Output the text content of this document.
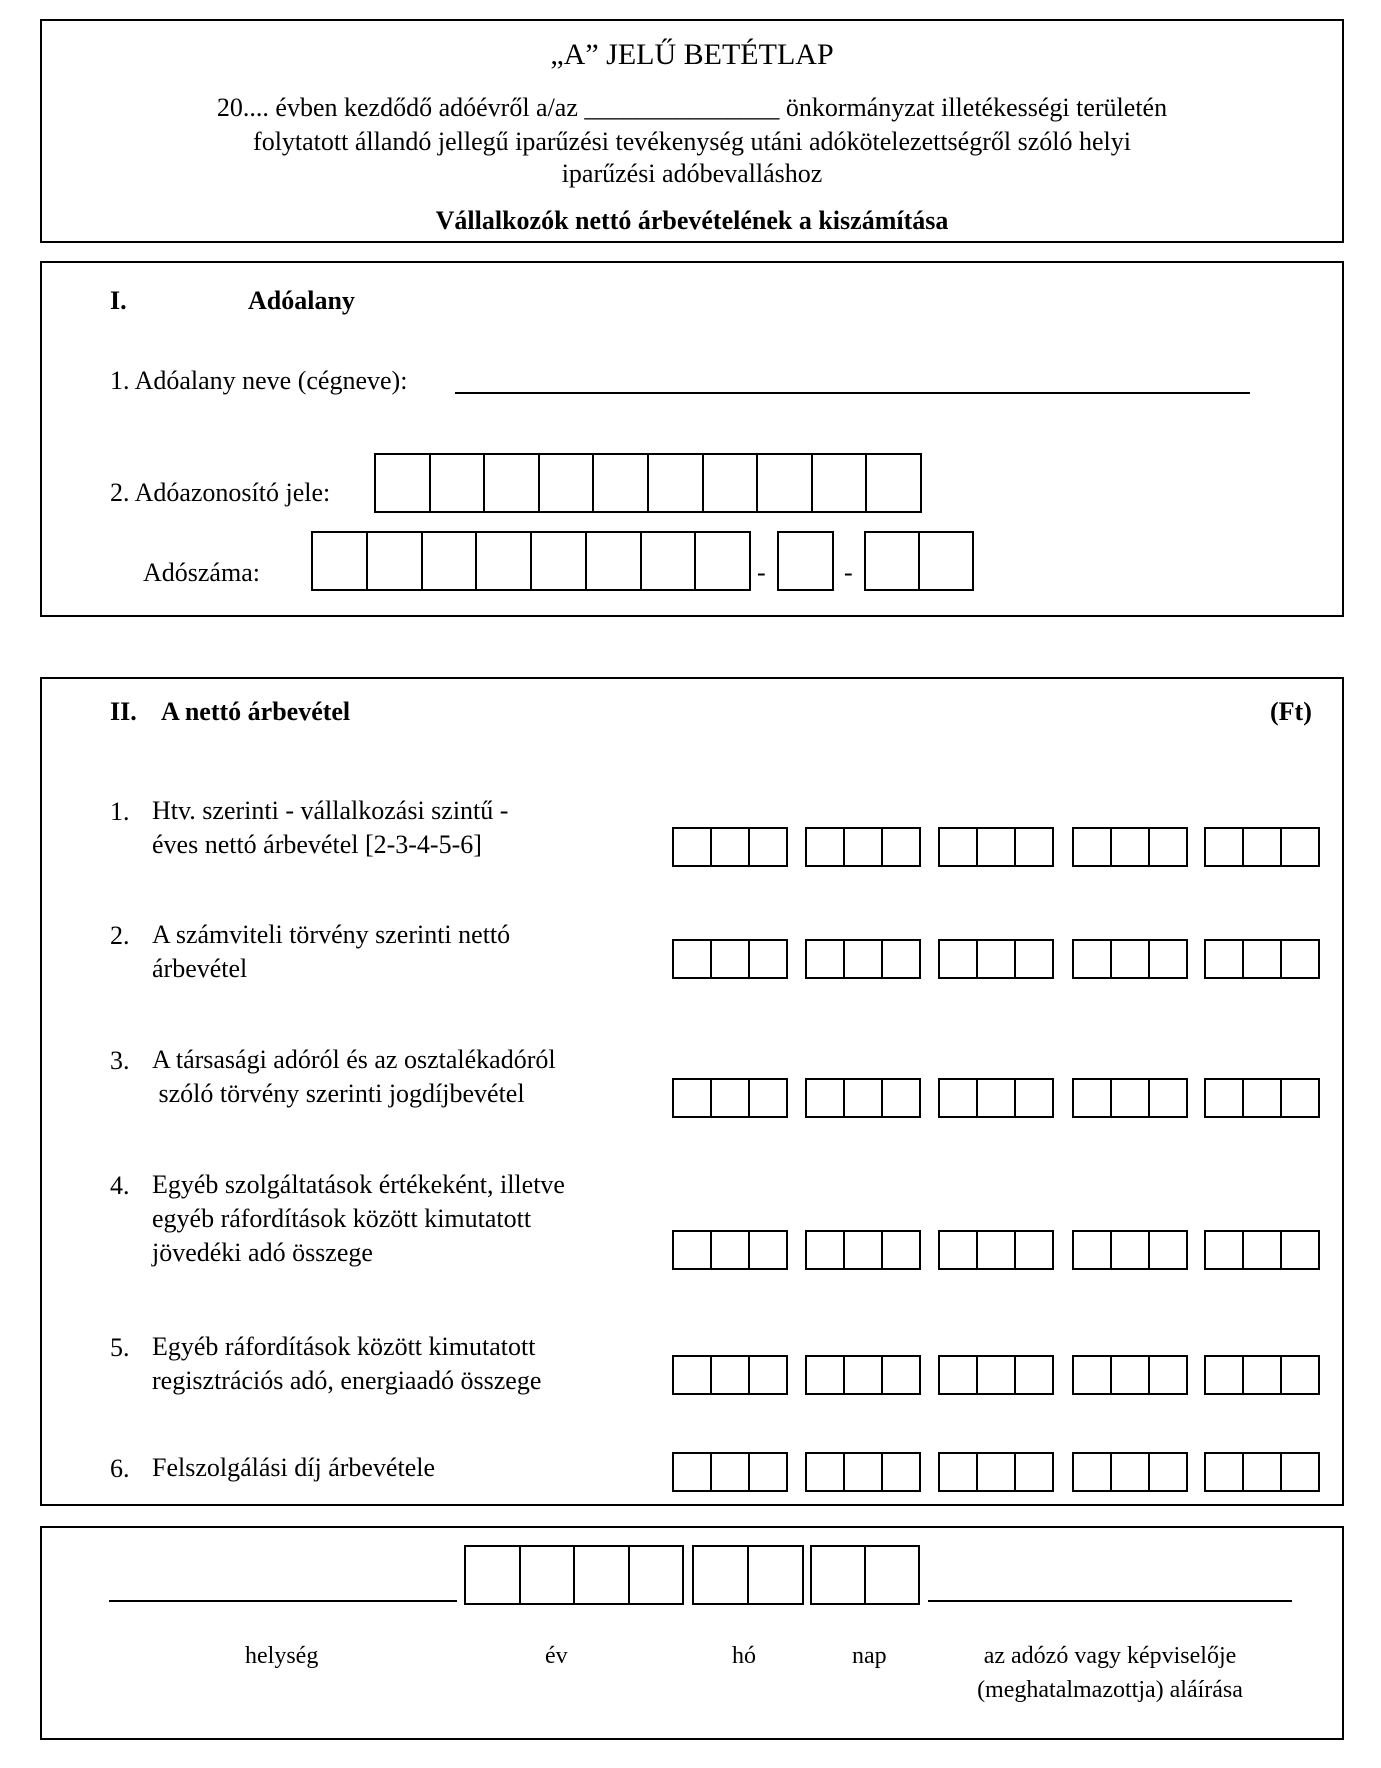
„A” JELŰ BETÉTLAP
20.... évben kezdődő adóévről a/az _______________ önkormányzat illetékességi területén
folytatott állandó jellegű iparűzési tevékenység utáni adókötelezettségről szóló helyi
iparűzési adóbevalláshoz
Vállalkozók nettó árbevételének a kiszámítása
I.	Adóalany
1. Adóalany neve (cégneve):
2. Adóazonosító jele:
Adószáma:	-	-
II. A nettó árbevétel	(Ft)
1. Htv. szerinti - vállalkozási szintű -
éves nettó árbevétel [2-3-4-5-6]
2. A számviteli törvény szerinti nettó
árbevétel
3. A társasági adóról és az osztalékadóról
szóló törvény szerinti jogdíjbevétel
4. Egyéb szolgáltatások értékeként, illetve
egyéb ráfordítások között kimutatott
jövedéki adó összege
5. Egyéb ráfordítások között kimutatott
regisztrációs adó, energiaadó összege
6. Felszolgálási díj árbevétele
helység	év	hó	nap	az adózó vagy képviselője
(meghatalmazottja) aláírása
